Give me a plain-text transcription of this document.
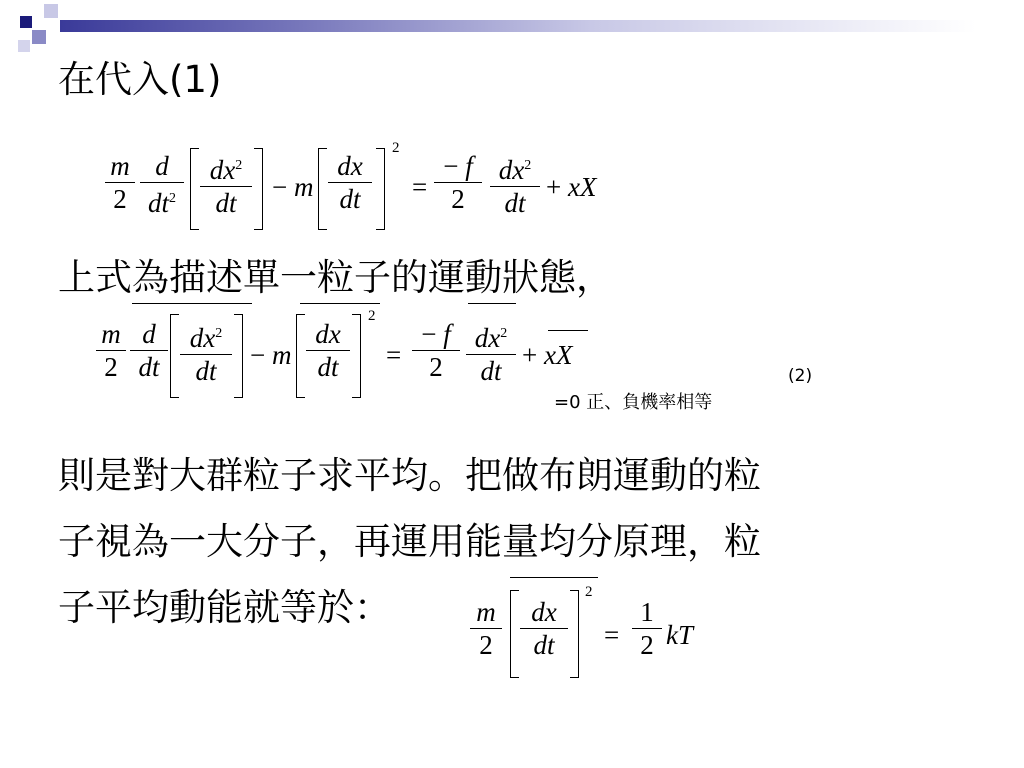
在代入(1)
$\frac{m}{2} \frac{d}{dt^2} \frac{dx^2}{dt} - m \frac{dx}{dt}$
2
= $\frac{- f}{2} \frac{dx^2}{dt}$ + xX
上式為描述單一粒子的運動狀態，
$\frac{m}{2} \frac{d}{dt} \frac{dx^2}{dt} - m \frac{dx}{dt}$
2
= $\frac{- f}{2} \frac{dx^2}{dt}$ + xX
(2)
=0 正、負機率相等
則是對大群粒子求平均。把做布朗運動的粒
子視為一大分子，再運用能量均分原理，粒
子平均動能就等於：	$\frac{m}{2} \frac{dx}{dt}$
2
= $\frac{1}{2}$ kT
